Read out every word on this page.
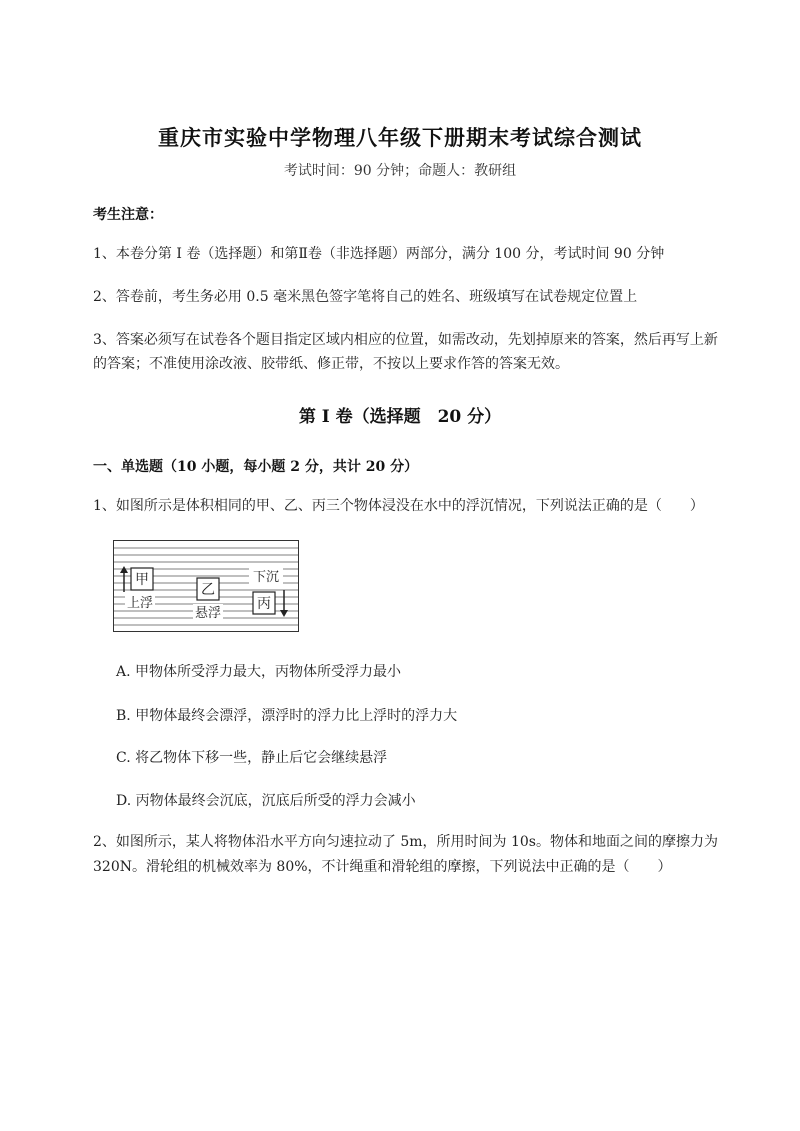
重庆市实验中学物理八年级下册期末考试综合测试
考试时间：90 分钟；命题人：教研组
考生注意：
1、本卷分第 I 卷（选择题）和第Ⅱ卷（非选择题）两部分，满分 100 分，考试时间 90 分钟
2、答卷前，考生务必用 0.5 毫米黑色签字笔将自己的姓名、班级填写在试卷规定位置上
3、答案必须写在试卷各个题目指定区域内相应的位置，如需改动，先划掉原来的答案，然后再写上新
的答案；不准使用涂改液、胶带纸、修正带，不按以上要求作答的答案无效。
第 I 卷（选择题　20 分）
一、单选题（10 小题，每小题 2 分，共计 20 分）
1、如图所示是体积相同的甲、乙、丙三个物体浸没在水中的浮沉情况，下列说法正确的是（　　）
甲
上浮
乙
悬浮
下沉
丙
A. 甲物体所受浮力最大，丙物体所受浮力最小
B. 甲物体最终会漂浮，漂浮时的浮力比上浮时的浮力大
C. 将乙物体下移一些，静止后它会继续悬浮
D. 丙物体最终会沉底，沉底后所受的浮力会减小
2、如图所示，某人将物体沿水平方向匀速拉动了 5m，所用时间为 10s。物体和地面之间的摩擦力为
320N。滑轮组的机械效率为 80%，不计绳重和滑轮组的摩擦，下列说法中正确的是（　　）
